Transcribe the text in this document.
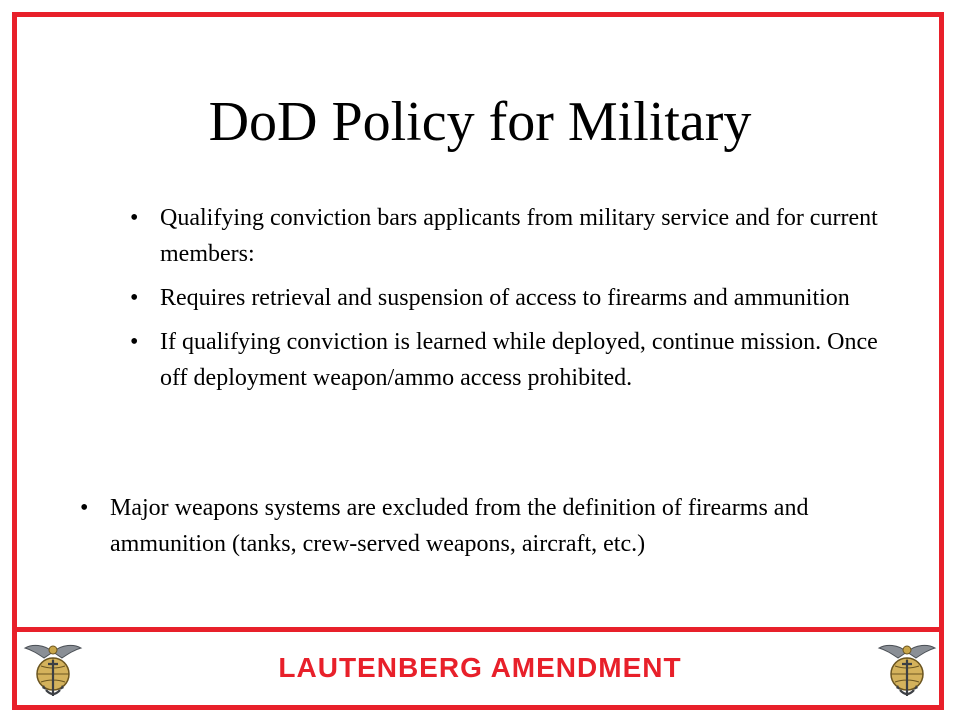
DoD Policy for Military
• Qualifying conviction bars applicants from military service and for current members:
• Requires retrieval and suspension of access to firearms and ammunition
• If qualifying conviction is learned while deployed, continue mission. Once off deployment weapon/ammo access prohibited.
• Major weapons systems are excluded from the definition of firearms and ammunition (tanks, crew-served weapons, aircraft, etc.)
LAUTENBERG AMENDMENT
